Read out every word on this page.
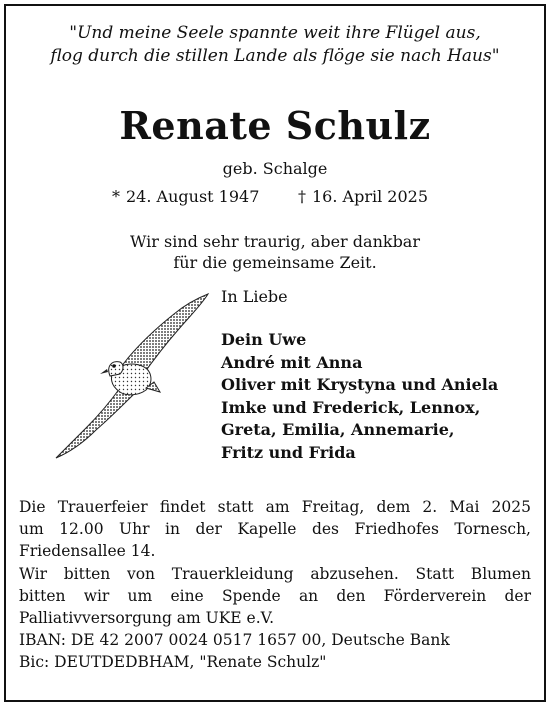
"Und meine Seele spannte weit ihre Flügel aus,
flog durch die stillen Lande als flöge sie nach Haus"
Renate Schulz
geb. Schalge
* 24. August 1947 † 16. April 2025
Wir sind sehr traurig, aber dankbar
für die gemeinsame Zeit.
In Liebe
Dein Uwe
André mit Anna
Oliver mit Krystyna und Aniela
Imke und Frederick, Lennox,
Greta, Emilia, Annemarie,
Fritz und Frida
Die Trauerfeier findet statt am Freitag, dem 2. Mai 2025
um 12.00 Uhr in der Kapelle des Friedhofes Tornesch,
Friedensallee 14.
Wir bitten von Trauerkleidung abzusehen. Statt Blumen
bitten wir um eine Spende an den Förderverein der
Palliativversorgung am UKE e.V.
IBAN: DE 42 2007 0024 0517 1657 00, Deutsche Bank
Bic: DEUTDEDBHAM, "Renate Schulz"
